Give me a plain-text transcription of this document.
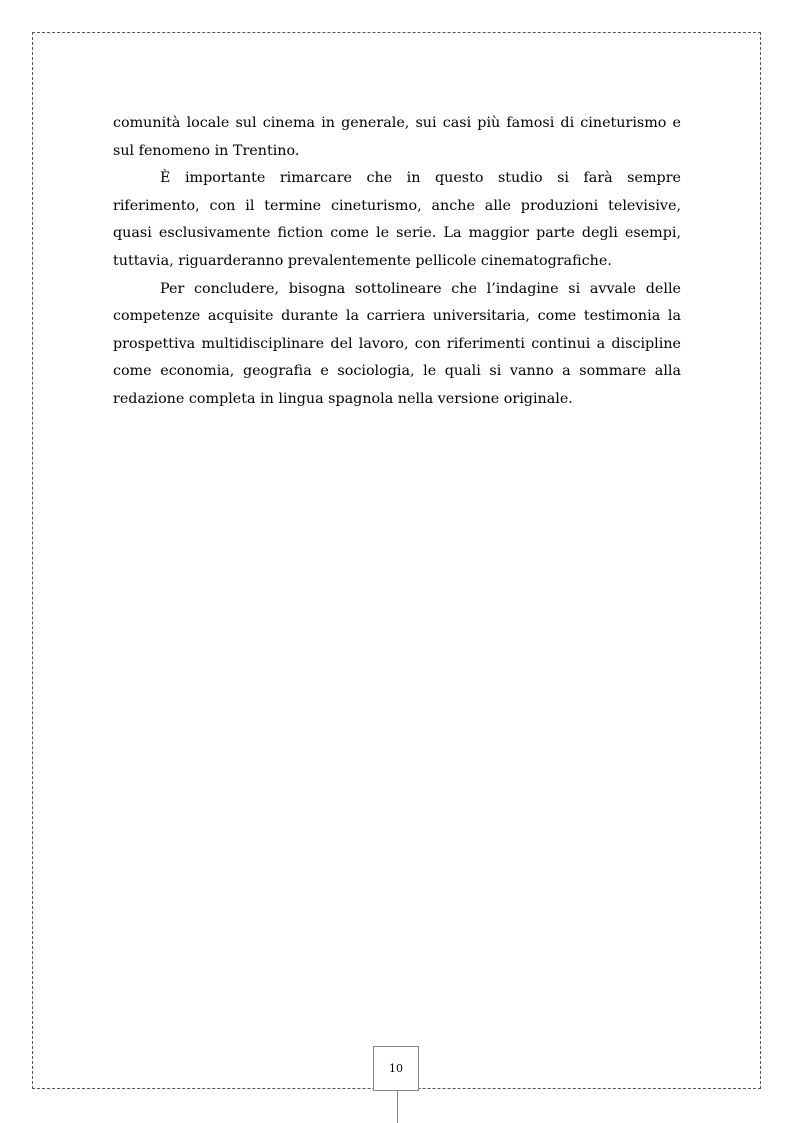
comunità locale sul cinema in generale, sui casi più famosi di cineturismo e sul fenomeno in Trentino.

È importante rimarcare che in questo studio si farà sempre riferimento, con il termine cineturismo, anche alle produzioni televisive, quasi esclusivamente fiction come le serie. La maggior parte degli esempi, tuttavia, riguarderanno prevalentemente pellicole cinematografiche.

Per concludere, bisogna sottolineare che l’indagine si avvale delle competenze acquisite durante la carriera universitaria, come testimonia la prospettiva multidisciplinare del lavoro, con riferimenti continui a discipline come economia, geografia e sociologia, le quali si vanno a sommare alla redazione completa in lingua spagnola nella versione originale.

10
